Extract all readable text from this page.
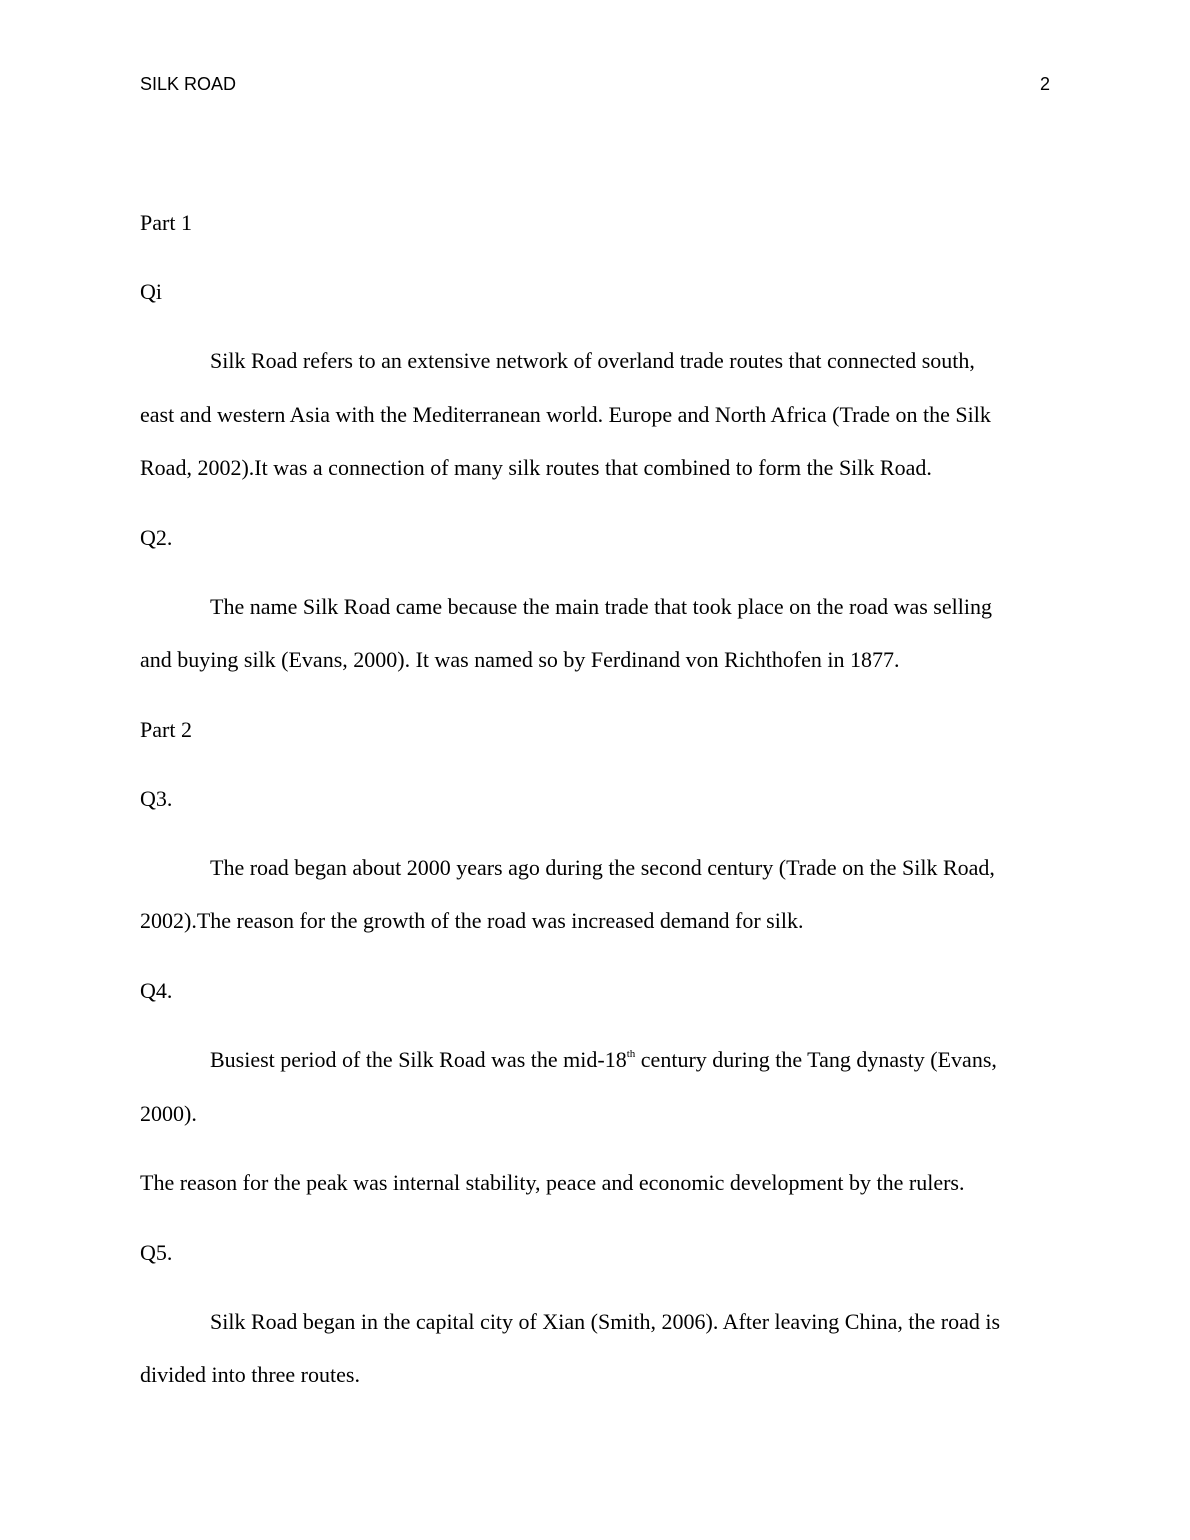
SILK ROAD	2
Part 1
Qi
Silk Road refers to an extensive network of overland trade routes that connected south,
east and western Asia with the Mediterranean world. Europe and North Africa (Trade on the Silk
Road, 2002).It was a connection of many silk routes that combined to form the Silk Road.
Q2.
The name Silk Road came because the main trade that took place on the road was selling
and buying silk (Evans, 2000). It was named so by Ferdinand von Richthofen in 1877.
Part 2
Q3.
The road began about 2000 years ago during the second century (Trade on the Silk Road,
2002).The reason for the growth of the road was increased demand for silk.
Q4.
Busiest period of the Silk Road was the mid-18th century during the Tang dynasty (Evans,
2000).
The reason for the peak was internal stability, peace and economic development by the rulers.
Q5.
Silk Road began in the capital city of Xian (Smith, 2006). After leaving China, the road is
divided into three routes.
